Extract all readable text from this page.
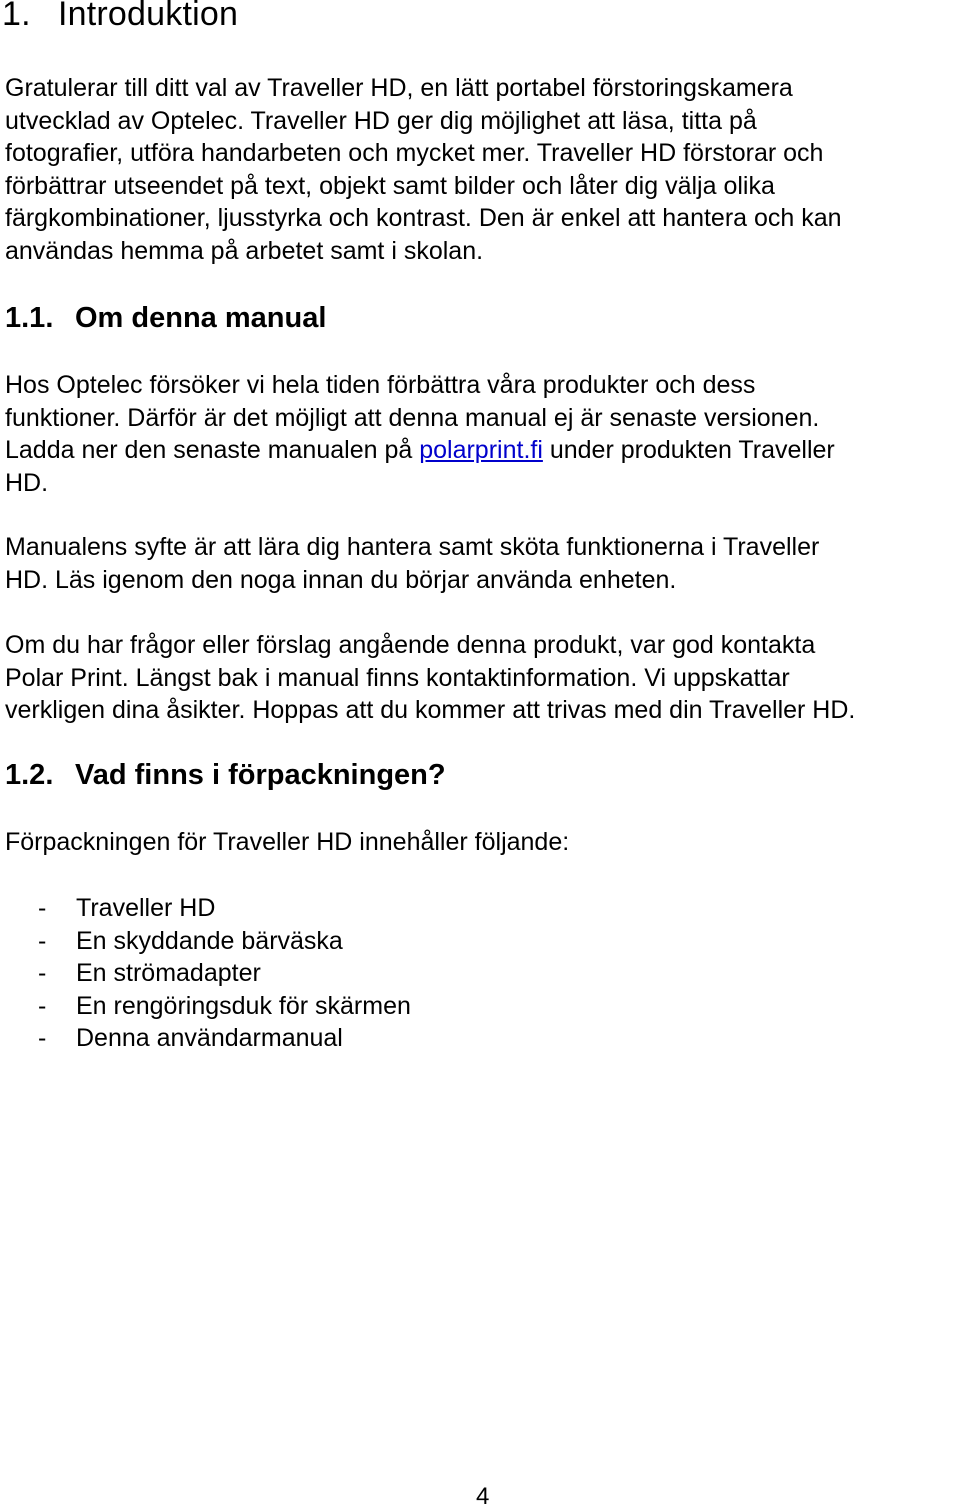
1. Introduktion

Gratulerar till ditt val av Traveller HD, en lätt portabel förstoringskamera
utvecklad av Optelec. Traveller HD ger dig möjlighet att läsa, titta på
fotografier, utföra handarbeten och mycket mer. Traveller HD förstorar och
förbättrar utseendet på text, objekt samt bilder och låter dig välja olika
färgkombinationer, ljusstyrka och kontrast. Den är enkel att hantera och kan
användas hemma på arbetet samt i skolan.

1.1. Om denna manual

Hos Optelec försöker vi hela tiden förbättra våra produkter och dess
funktioner. Därför är det möjligt att denna manual ej är senaste versionen.
Ladda ner den senaste manualen på polarprint.fi under produkten Traveller
HD.

Manualens syfte är att lära dig hantera samt sköta funktionerna i Traveller
HD. Läs igenom den noga innan du börjar använda enheten.

Om du har frågor eller förslag angående denna produkt, var god kontakta
Polar Print. Längst bak i manual finns kontaktinformation. Vi uppskattar
verkligen dina åsikter. Hoppas att du kommer att trivas med din Traveller HD.

1.2. Vad finns i förpackningen?

Förpackningen för Traveller HD innehåller följande:

- Traveller HD
- En skyddande bärväska
- En strömadapter
- En rengöringsduk för skärmen
- Denna användarmanual
4
